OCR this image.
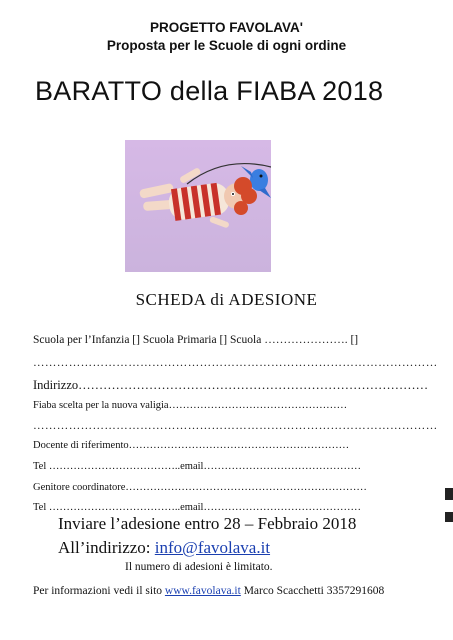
PROGETTO FAVOLAVA'
Proposta per le Scuole di ogni ordine
BARATTO della FIABA 2018
SCHEDA di ADESIONE
Scuola per l’Infanzia [] Scuola Primaria [] Scuola …………………. []
…………………………………………………………………………………………
Indirizzo…………………………………………………………………………
Fiaba scelta per la nuova valigia……………………………………………
…………………………………………………………………………………………
Docente di riferimento………………………………………………………
Tel ………………………………..email………………………………………
Genitore coordinatore……………………………………………………………
Tel ………………………………..email………………………………………
Inviare l’adesione entro 28 – Febbraio 2018
All’indirizzo: info@favolava.it
Il numero di adesioni è limitato.
Per informazioni vedi il sito www.favolava.it Marco Scacchetti 3357291608
